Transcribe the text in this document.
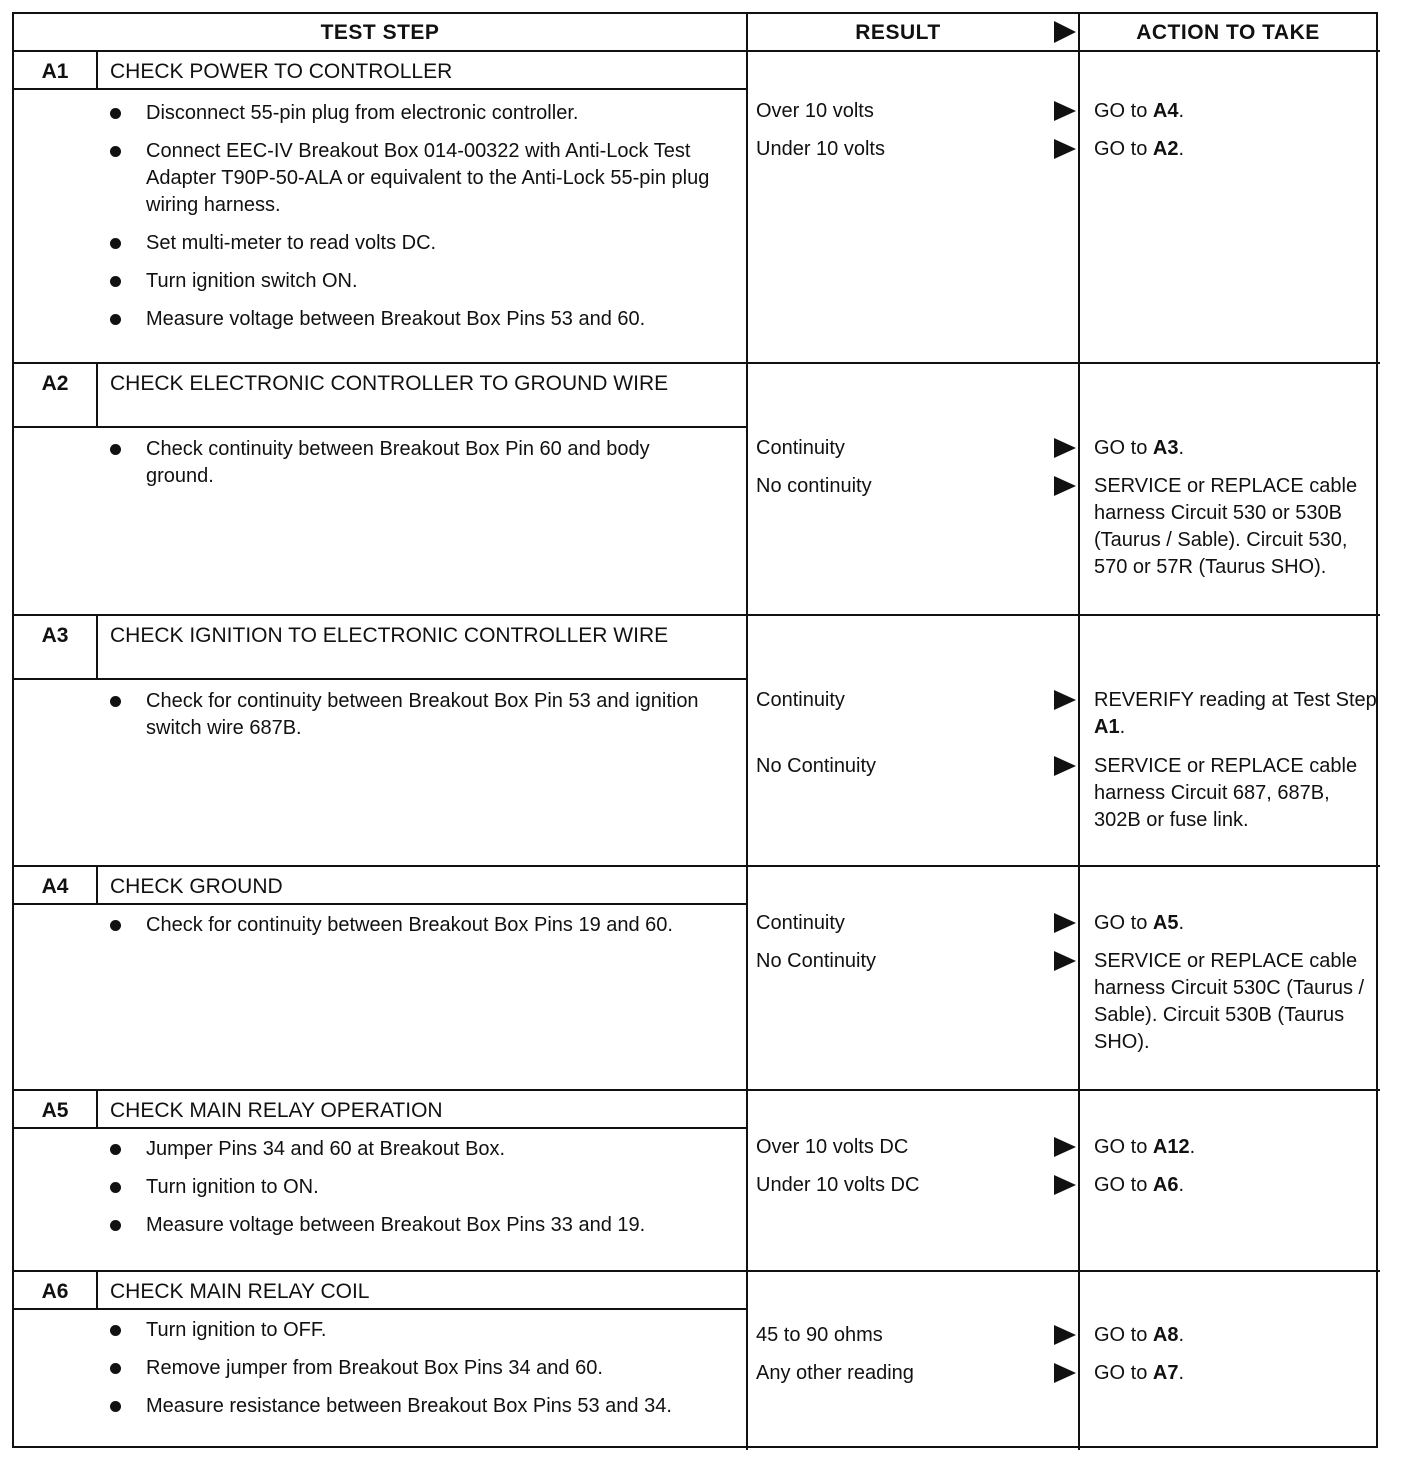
TEST STEP	RESULT	ACTION TO TAKE
A1	CHECK POWER TO CONTROLLER
Disconnect 55-pin plug from electronic controller.
Connect EEC-IV Breakout Box 014-00322 with Anti-Lock Test Adapter T90P-50-ALA or equivalent to the Anti-Lock 55-pin plug wiring harness.
Set multi-meter to read volts DC.
Turn ignition switch ON.
Measure voltage between Breakout Box Pins 53 and 60.
Over 10 volts	GO to A4.
Under 10 volts	GO to A2.
A2	CHECK ELECTRONIC CONTROLLER TO GROUND WIRE
Check continuity between Breakout Box Pin 60 and body ground.
Continuity	GO to A3.
No continuity	SERVICE or REPLACE cable harness Circuit 530 or 530B (Taurus / Sable). Circuit 530, 570 or 57R (Taurus SHO).
A3	CHECK IGNITION TO ELECTRONIC CONTROLLER WIRE
Check for continuity between Breakout Box Pin 53 and ignition switch wire 687B.
Continuity	REVERIFY reading at Test Step A1.
No Continuity	SERVICE or REPLACE cable harness Circuit 687, 687B, 302B or fuse link.
A4	CHECK GROUND
Check for continuity between Breakout Box Pins 19 and 60.	Continuity	GO to A5.
No Continuity	SERVICE or REPLACE cable harness Circuit 530C (Taurus / Sable). Circuit 530B (Taurus SHO).
A5	CHECK MAIN RELAY OPERATION
Jumper Pins 34 and 60 at Breakout Box.
Turn ignition to ON.
Measure voltage between Breakout Box Pins 33 and 19.
Over 10 volts DC	GO to A12.
Under 10 volts DC	GO to A6.
A6	CHECK MAIN RELAY COIL
Turn ignition to OFF.
Remove jumper from Breakout Box Pins 34 and 60.
Measure resistance between Breakout Box Pins 53 and 34.
45 to 90 ohms	GO to A8.
Any other reading	GO to A7.
